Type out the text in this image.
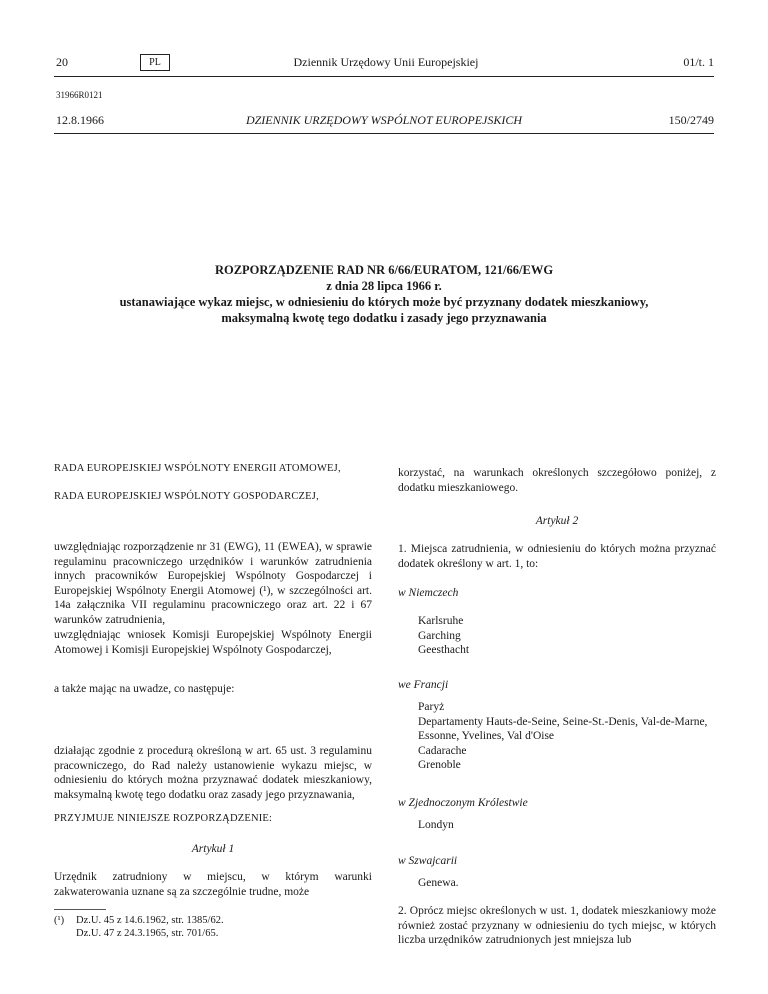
20	PL	Dziennik Urzędowy Unii Europejskiej	01/t. 1
31966R0121
12.8.1966	DZIENNIK URZĘDOWY WSPÓLNOT EUROPEJSKICH	150/2749
ROZPORZĄDZENIE RAD NR 6/66/EURATOM, 121/66/EWG
z dnia 28 lipca 1966 r.
ustanawiające wykaz miejsc, w odniesieniu do których może być przyznany dodatek mieszkaniowy,
maksymalną kwotę tego dodatku i zasady jego przyznawania
RADA EUROPEJSKIEJ WSPÓLNOTY ENERGII ATOMOWEJ,
RADA EUROPEJSKIEJ WSPÓLNOTY GOSPODARCZEJ,
uwzględniając rozporządzenie nr 31 (EWG), 11 (EWEA), w sprawie regulaminu pracowniczego urzędników i warunków zatrudnienia innych pracowników Europejskiej Wspólnoty Gospodarczej i Europejskiej Wspólnoty Energii Atomowej (¹), w szczególności art. 14a załącznika VII regulaminu pracowniczego oraz art. 22 i 67 warunków zatrudnienia,
uwzględniając wniosek Komisji Europejskiej Wspólnoty Energii Atomowej i Komisji Europejskiej Wspólnoty Gospodarczej,
a także mając na uwadze, co następuje:
działając zgodnie z procedurą określoną w art. 65 ust. 3 regulaminu pracowniczego, do Rad należy ustanowienie wykazu miejsc, w odniesieniu do których można przyznawać dodatek mieszkaniowy, maksymalną kwotę tego dodatku oraz zasady jego przyznawania,
PRZYJMUJE NINIEJSZE ROZPORZĄDZENIE:
Artykuł 1
Urzędnik zatrudniony w miejscu, w którym warunki zakwaterowania uznane są za szczególnie trudne, może
(¹) Dz.U. 45 z 14.6.1962, str. 1385/62.
Dz.U. 47 z 24.3.1965, str. 701/65.
korzystać, na warunkach określonych szczegółowo poniżej, z dodatku mieszkaniowego.
Artykuł 2
1. Miejsca zatrudnienia, w odniesieniu do których można przyznać dodatek określony w art. 1, to:
w Niemczech
Karlsruhe
Garching
Geesthacht
we Francji
Paryż
Departamenty Hauts-de-Seine, Seine-St.-Denis, Val-de-Marne, Essonne, Yvelines, Val d'Oise
Cadarache
Grenoble
w Zjednoczonym Królestwie
Londyn
w Szwajcarii
Genewa.
2. Oprócz miejsc określonych w ust. 1, dodatek mieszkaniowy może również zostać przyznany w odniesieniu do tych miejsc, w których liczba urzędników zatrudnionych jest mniejsza lub
